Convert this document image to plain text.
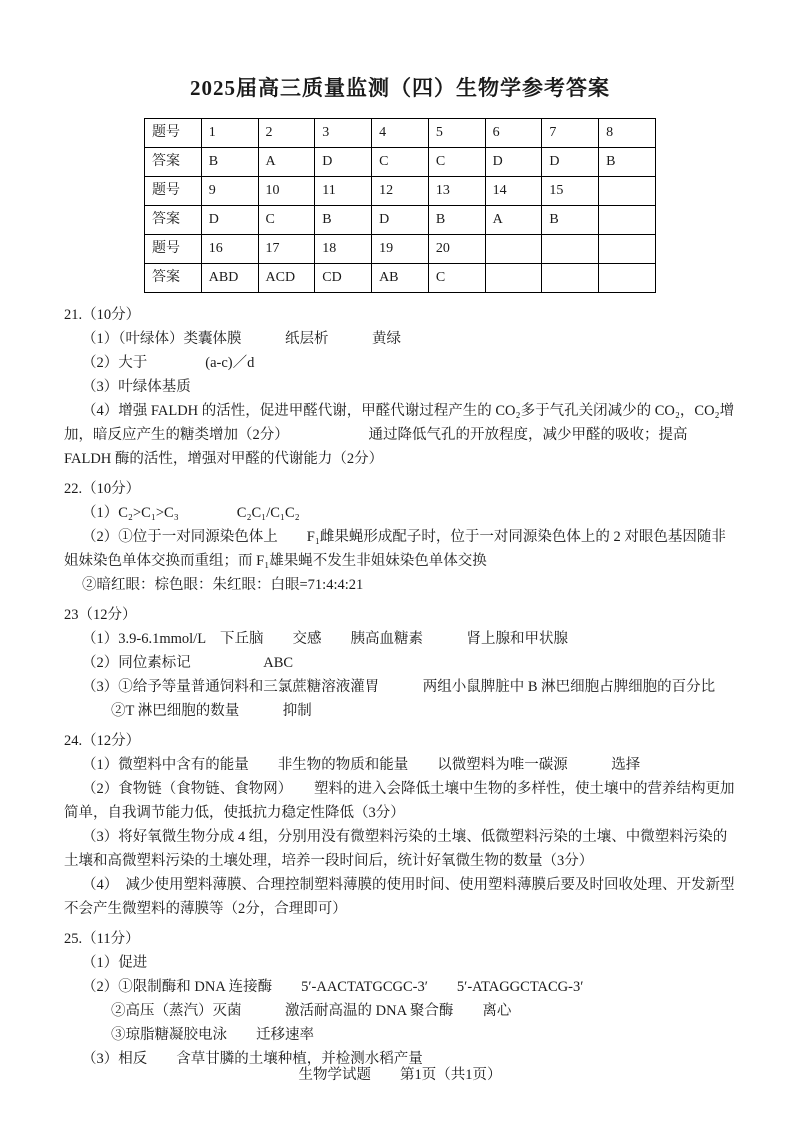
2025届高三质量监测（四）生物学参考答案
题号	1	2	3	4	5	6	7	8
答案	B	A	D	C	C	D	D	B
题号	9	10	11	12	13	14	15	
答案	D	C	B	D	B	A	B	
题号	16	17	18	19	20			
答案	ABD	ACD	CD	AB	C			

21.（10分）

（1）（叶绿体）类囊体膜　　　纸层析　　　黄绿

（2）大于　　　　(a-c)／d

（3）叶绿体基质

（4）增强 FALDH 的活性，促进甲醛代谢，甲醛代谢过程产生的 CO₂多于气孔关闭减少的 CO₂，CO₂增加，暗反应产生的糖类增加（2分）　　　　　　通过降低气孔的开放程度，减少甲醛的吸收；提高 FALDH 酶的活性，增强对甲醛的代谢能力（2分）

22.（10分）

（1）C₂>C₁>C₃　　　　C₂C₁/C₁C₂

（2）①位于一对同源染色体上　　F₁雌果蝇形成配子时，位于一对同源染色体上的 2 对眼色基因随非姐妹染色单体交换而重组；而 F₁雄果蝇不发生非姐妹染色单体交换

②暗红眼：棕色眼：朱红眼：白眼=71:4:4:21

23（12分）

（1）3.9-6.1mmol/L　下丘脑　　交感　　胰高血糖素　　　肾上腺和甲状腺

（2）同位素标记　　　　　ABC

（3）①给予等量普通饲料和三氯蔗糖溶液灌胃　　　两组小鼠脾脏中 B 淋巴细胞占脾细胞的百分比

　　②T 淋巴细胞的数量　　　抑制

24.（12分）

（1）微塑料中含有的能量　　非生物的物质和能量　　以微塑料为唯一碳源　　　选择

（2）食物链（食物链、食物网）　　塑料的进入会降低土壤中生物的多样性，使土壤中的营养结构更加简单，自我调节能力低，使抵抗力稳定性降低（3分）

（3）将好氧微生物分成 4 组，分别用没有微塑料污染的土壤、低微塑料污染的土壤、中微塑料污染的土壤和高微塑料污染的土壤处理，培养一段时间后，统计好氧微生物的数量（3分）

（4）　减少使用塑料薄膜、合理控制塑料薄膜的使用时间、使用塑料薄膜后要及时回收处理、开发新型不会产生微塑料的薄膜等（2分，合理即可）

25.（11分）

（1）促进

（2）①限制酶和 DNA 连接酶　　5′-AACTATGCGC-3′　　5′-ATAGGCTACG-3′

　　②高压（蒸汽）灭菌　　　激活耐高温的 DNA 聚合酶　　离心

　　③琼脂糖凝胶电泳　　迁移速率

（3）相反　　含草甘膦的土壤种植，并检测水稻产量

生物学试题　　第1页（共1页）
